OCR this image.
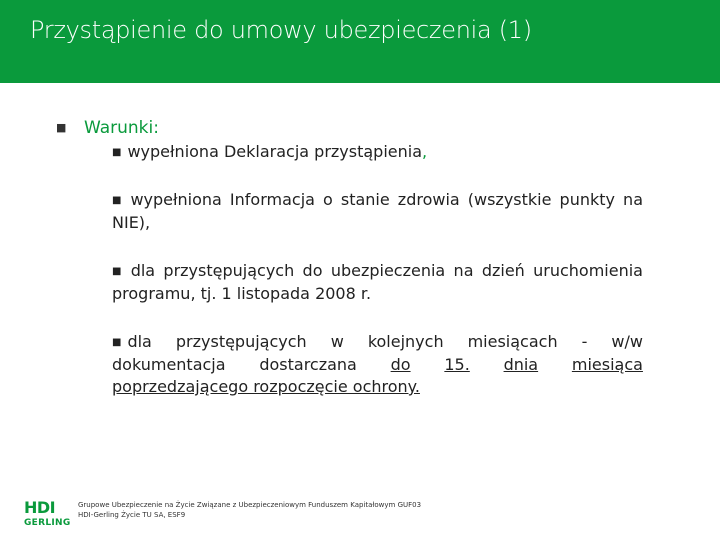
Przystąpienie do umowy ubezpieczenia (1)
■ Warunki:
■ wypełniona Deklaracja przystąpienia,
■ wypełniona Informacja o stanie zdrowia (wszystkie punkty na NIE),
■ dla przystępujących do ubezpieczenia na dzień uruchomienia programu, tj. 1 listopada 2008 r.
■ dla przystępujących w kolejnych miesiącach - w/w
dokumentacja dostarczana do 15. dnia miesiąca
poprzedzającego rozpoczęcie ochrony.
HDI
GERLING
Grupowe Ubezpieczenie na Życie Związane z Ubezpieczeniowym Funduszem Kapitałowym GUF03
HDI-Gerling Życie TU SA, ESF9
